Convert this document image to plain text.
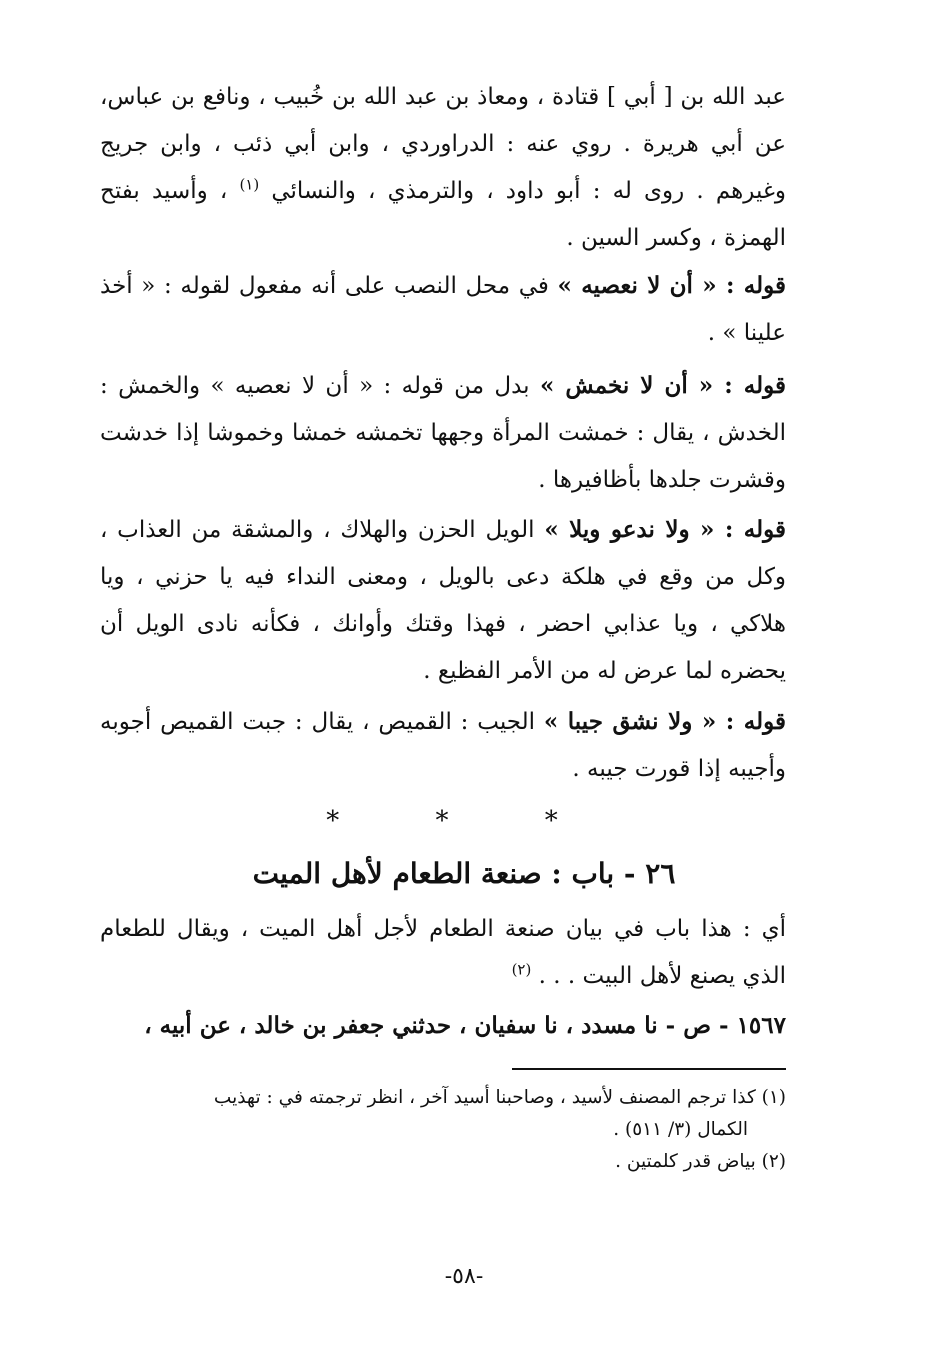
عبد الله بن [ أبي ] قتادة ، ومعاذ بن عبد الله بن خُبيب ، ونافع بن عباس، عن أبي هريرة . روي عنه : الدراوردي ، وابن أبي ذئب ، وابن جريج وغيرهم . روى له : أبو داود ، والترمذي ، والنسائي $^{(١)}$ ، وأسيد بفتح الهمزة ، وكسر السين .
قوله : « أن لا نعصيه » في محل النصب على أنه مفعول لقوله : « أخذ علينا » .
قوله : « أن لا نخمش » بدل من قوله : « أن لا نعصيه » والخمش : الخدش ، يقال : خمشت المرأة وجهها تخمشه خمشا وخموشا إذا خدشت وقشرت جلدها بأظافيرها .
قوله : « ولا ندعو ويلا » الويل الحزن والهلاك ، والمشقة من العذاب ، وكل من وقع في هلكة دعى بالويل ، ومعنى النداء فيه يا حزني ، ويا هلاكي ، ويا عذابي احضر ، فهذا وقتك وأوانك ، فكأنه نادى الويل أن يحضره لما عرض له من الأمر الفظيع .
قوله : « ولا نشق جيبا » الجيب : القميص ، يقال : جبت القميص أجوبه وأجيبه إذا قورت جيبه .
* * *
٢٦ - باب : صنعة الطعام لأهل الميت
أي : هذا باب في بيان صنعة الطعام لأجل أهل الميت ، ويقال للطعام الذي يصنع لأهل البيت . . . $^{(٢)}$
١٥٦٧ - ص - نا مسدد ، نا سفيان ، حدثني جعفر بن خالد ، عن أبيه ،
(١) كذا ترجم المصنف لأسيد ، وصاحبنا أسيد آخر ، انظر ترجمته في : تهذيب
الكمال (٣/ ٥١١) .
(٢) بياض قدر كلمتين .
-٥٨-
